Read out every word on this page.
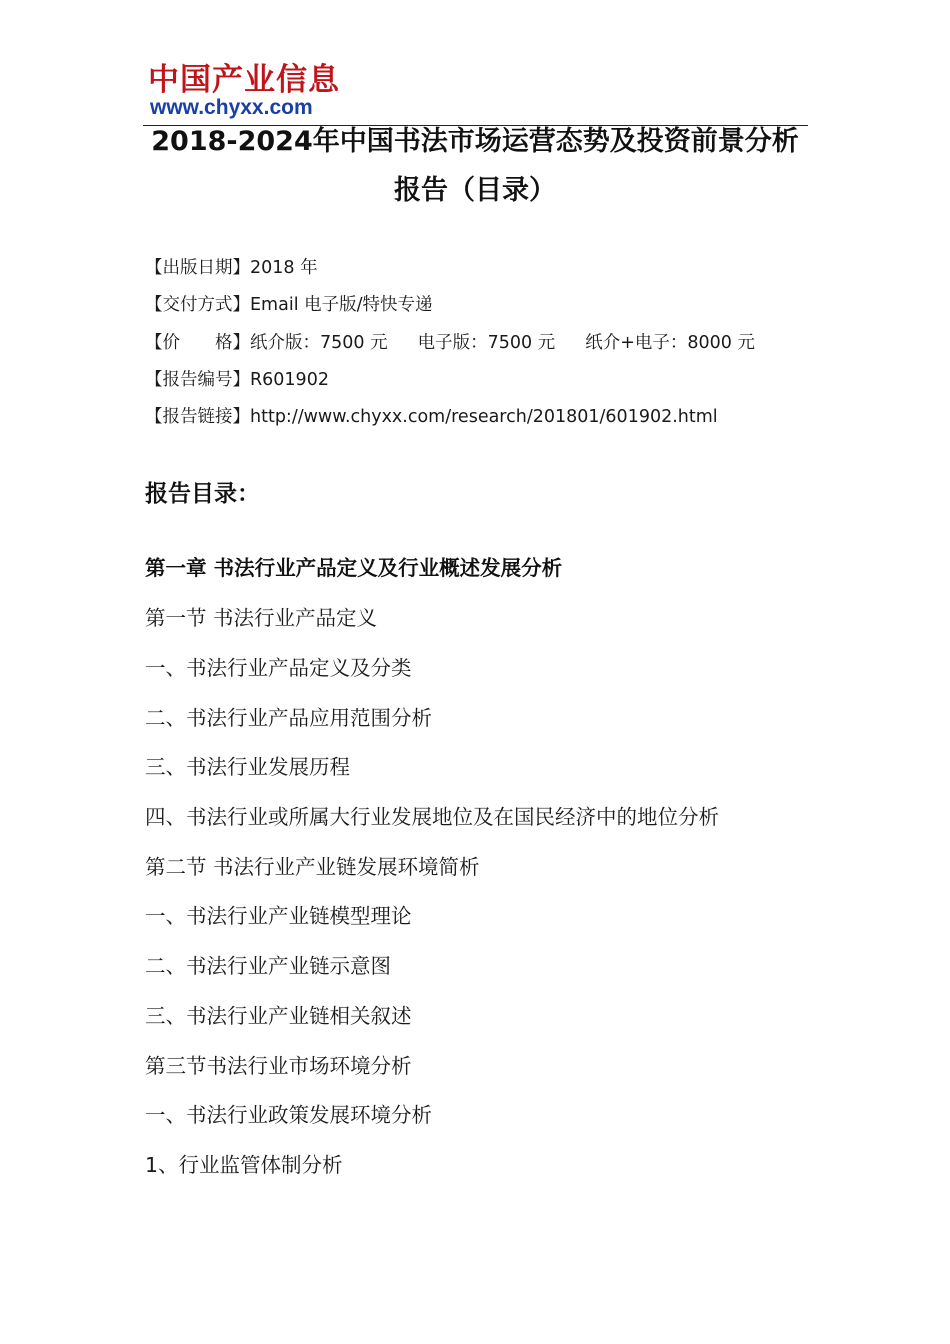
中国产业信息
www.chyxx.com
2018-2024年中国书法市场运营态势及投资前景分析
报告（目录）
【出版日期】2018 年
【交付方式】Email 电子版/特快专递
【价　　格】纸介版：7500 元 电子版：7500 元 纸介+电子：8000 元
【报告编号】R601902
【报告链接】http://www.chyxx.com/research/201801/601902.html
报告目录：
第一章 书法行业产品定义及行业概述发展分析
第一节 书法行业产品定义
一、书法行业产品定义及分类
二、书法行业产品应用范围分析
三、书法行业发展历程
四、书法行业或所属大行业发展地位及在国民经济中的地位分析
第二节 书法行业产业链发展环境简析
一、书法行业产业链模型理论
二、书法行业产业链示意图
三、书法行业产业链相关叙述
第三节书法行业市场环境分析
一、书法行业政策发展环境分析
1、行业监管体制分析
